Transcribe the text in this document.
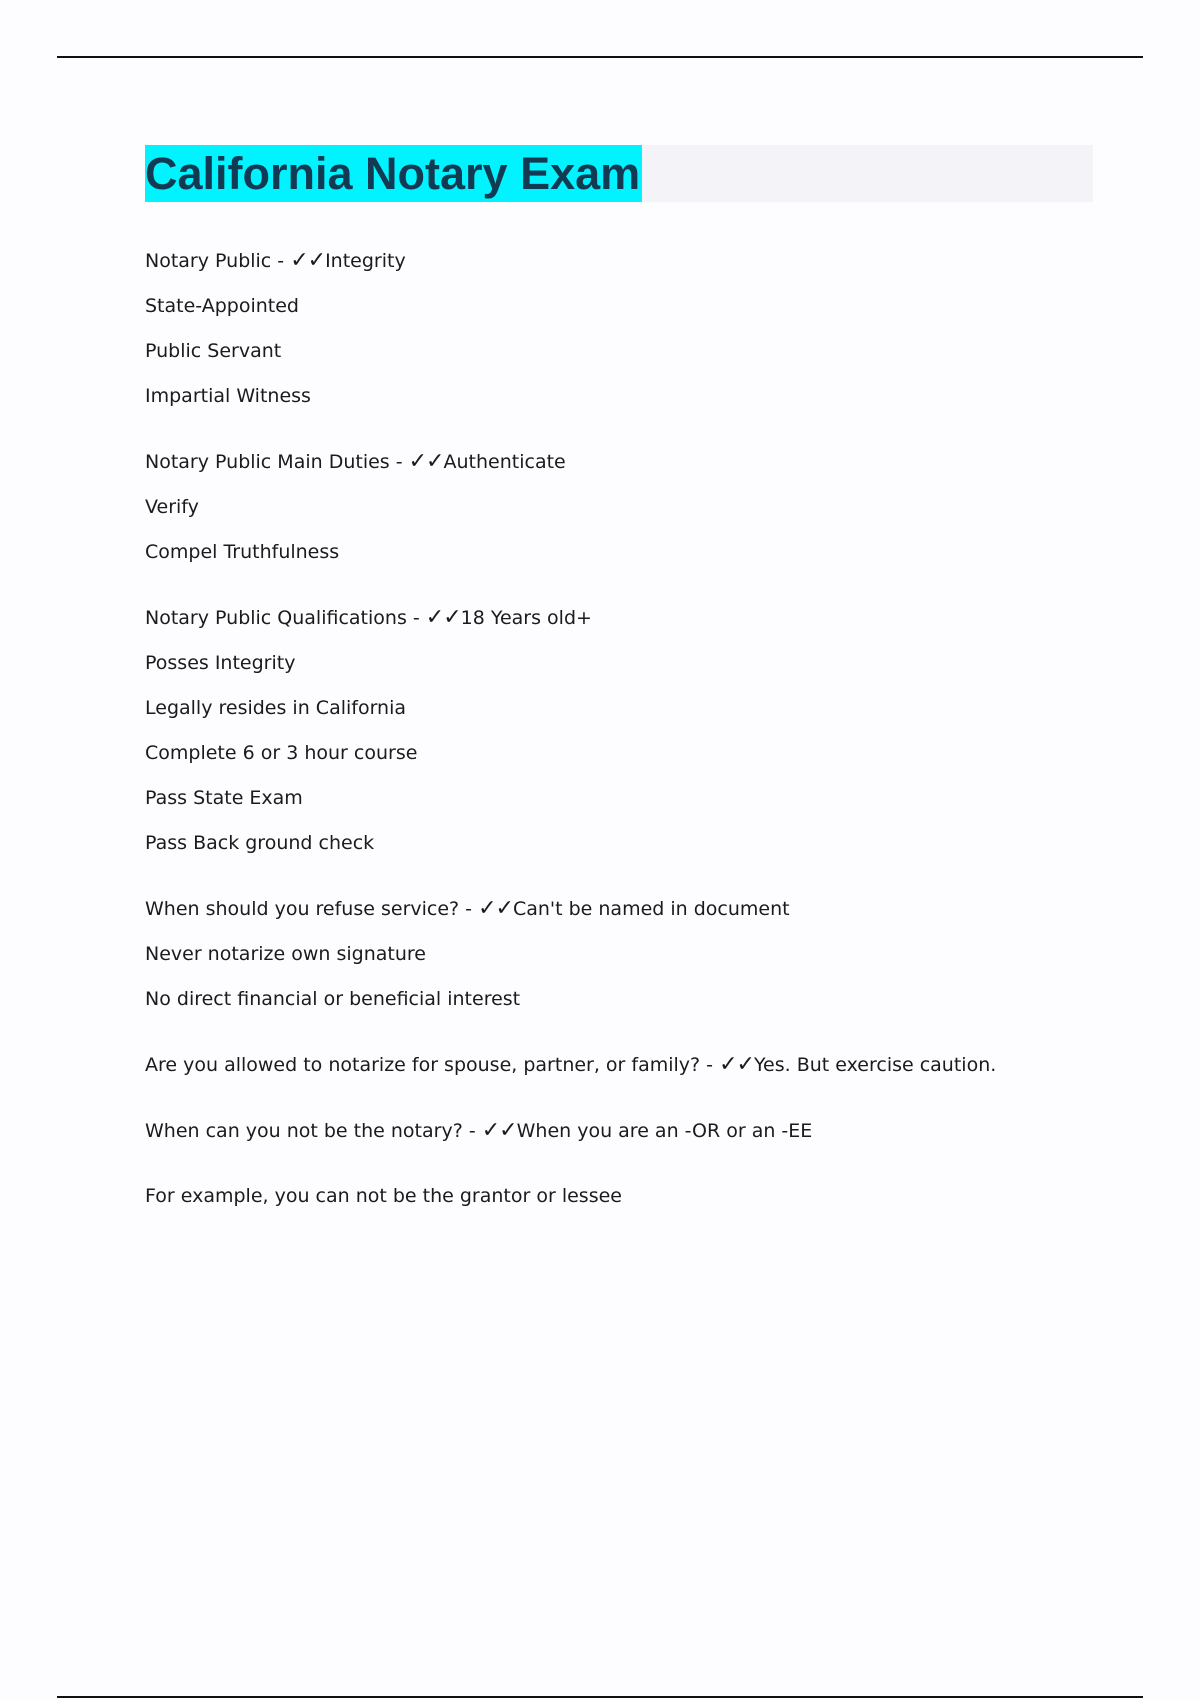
California Notary Exam
Notary Public - ✓✓Integrity
State-Appointed
Public Servant
Impartial Witness
Notary Public Main Duties - ✓✓Authenticate
Verify
Compel Truthfulness
Notary Public Qualifications - ✓✓18 Years old+
Posses Integrity
Legally resides in California
Complete 6 or 3 hour course
Pass State Exam
Pass Back ground check
When should you refuse service? - ✓✓Can't be named in document
Never notarize own signature
No direct financial or beneficial interest
Are you allowed to notarize for spouse, partner, or family? - ✓✓Yes. But exercise caution.
When can you not be the notary? - ✓✓When you are an -OR or an -EE
For example, you can not be the grantor or lessee
